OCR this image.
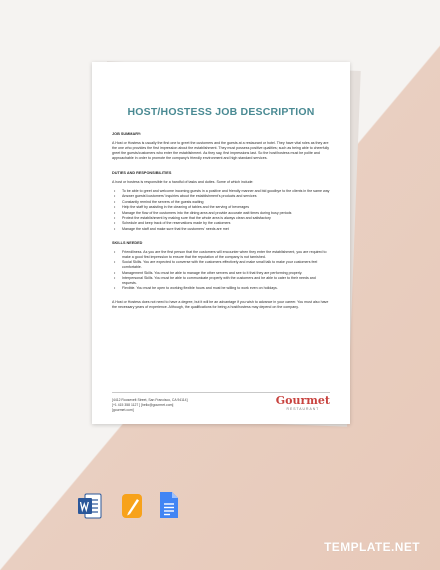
HOST/HOSTESS JOB DESCRIPTION
JOB SUMMARY:
A Host or Hostess is usually the first one to greet the customers and the guests at a restaurant or hotel. They have vital roles as they are the one who provides the first impression about the establishment. They must possess positive qualities; such as being able to cheerfully greet the guests/customers who enter the establishment. As they say, first impressions last. So the host/hostess must be polite and approachable in order to promote the company's friendly environment and high standard services.
DUTIES AND RESPONSIBILITIES
A host or hostess is responsible for a handful of tasks and duties. Some of which include:
• To be able to greet and welcome incoming guests in a positive and friendly manner and bid goodbye to the clients in the same way
• Answer guests'/customers' inquiries about the establishment's products and services
• Constantly remind the servers of the guests waiting
• Help the staff by assisting in the cleaning of tables and the serving of beverages
• Manage the flow of the customers into the dining area and provide accurate wait times during busy periods
• Protect the establishment by making sure that the whole area is always clean and satisfactory
• Schedule and keep track of the reservations made by the customers
• Manage the staff and make sure that the customers' needs are met
SKILLS NEEDED
• Friendliness. As you are the first person that the customers will encounter when they enter the establishment, you are required to make a good first impression to ensure that the reputation of the company is not tarnished.
• Social Skills. You are expected to converse with the customers effectively and make small talk to make your customers feel comfortable.
• Management Skills. You must be able to manage the other servers and see to it that they are performing properly.
• Interpersonal Skills. You must be able to communicate properly with the customers and be able to cater to their needs and requests.
• Flexible. You must be open to working flexible hours and must be willing to work even on holidays.
A Host or Hostess does not need to have a degree, but it will be an advantage if you wish to advance in your career. You must also have the necessary years of experience. Although, the qualifications for being a host/hostess may depend on the company.
[4412 Roosevelt Street, San Francisco, CA 94114]
[+1 415 358 1127 ] [hello@gourmet.com]
[gourmet.com]
Gourmet
RESTAURANT
TEMPLATE.NET
